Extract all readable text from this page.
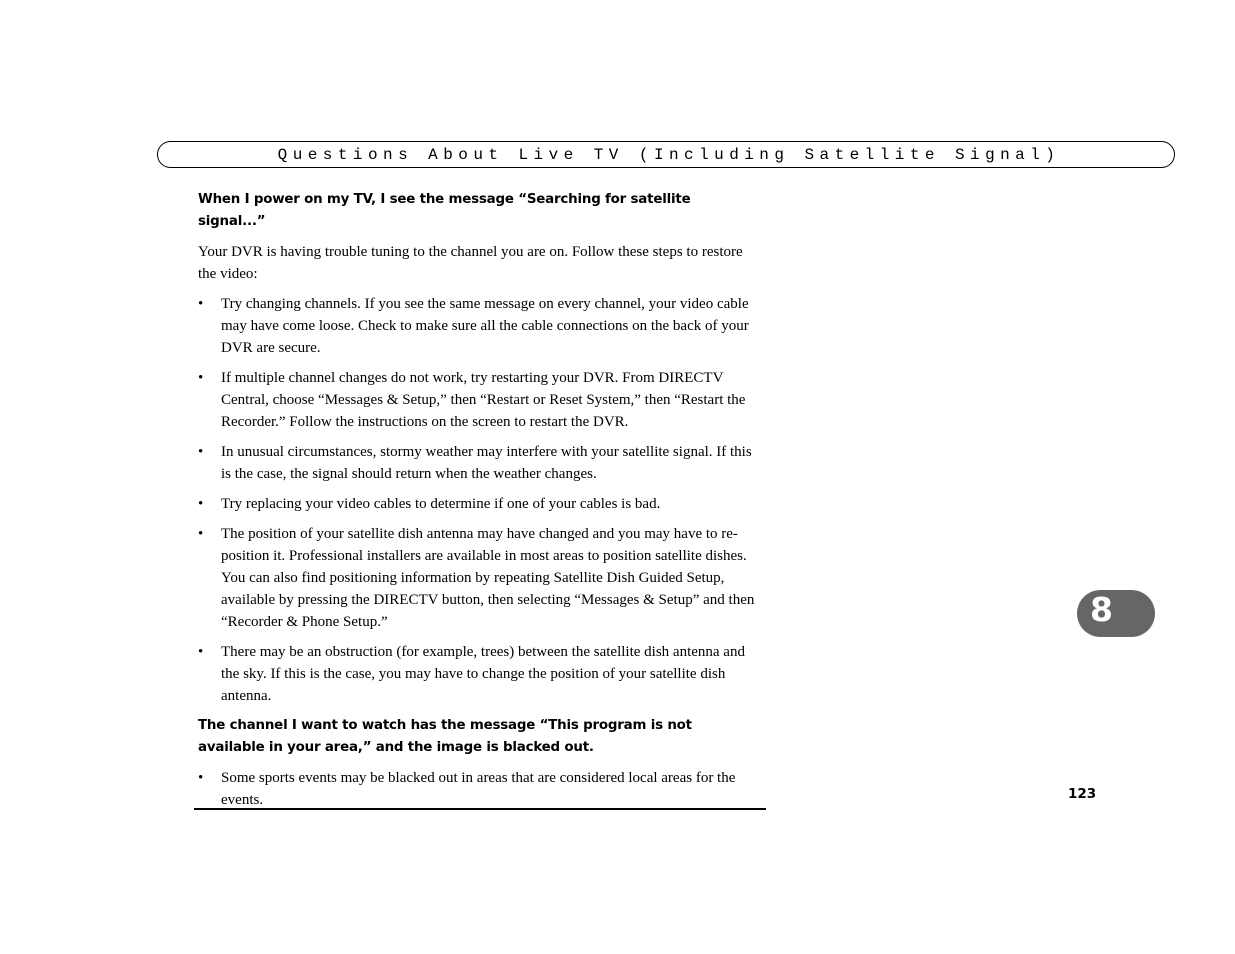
Questions About Live TV (Including Satellite Signal)
When I power on my TV, I see the message “Searching for satellite signal...”

Your DVR is having trouble tuning to the channel you are on. Follow these steps to restore the video:

• Try changing channels. If you see the same message on every channel, your video cable may have come loose. Check to make sure all the cable connections on the back of your DVR are secure.
• If multiple channel changes do not work, try restarting your DVR. From DIRECTV Central, choose “Messages & Setup,” then “Restart or Reset System,” then “Restart the Recorder.” Follow the instructions on the screen to restart the DVR.
• In unusual circumstances, stormy weather may interfere with your satellite signal. If this is the case, the signal should return when the weather changes.
• Try replacing your video cables to determine if one of your cables is bad.
• The position of your satellite dish antenna may have changed and you may have to re-position it. Professional installers are available in most areas to position satellite dishes. You can also find positioning information by repeating Satellite Dish Guided Setup, available by pressing the DIRECTV button, then selecting “Messages & Setup” and then “Recorder & Phone Setup.”
• There may be an obstruction (for example, trees) between the satellite dish antenna and the sky. If this is the case, you may have to change the position of your satellite dish antenna.
The channel I want to watch has the message “This program is not available in your area,” and the image is blacked out.
• Some sports events may be blacked out in areas that are considered local areas for the events.
8
123
